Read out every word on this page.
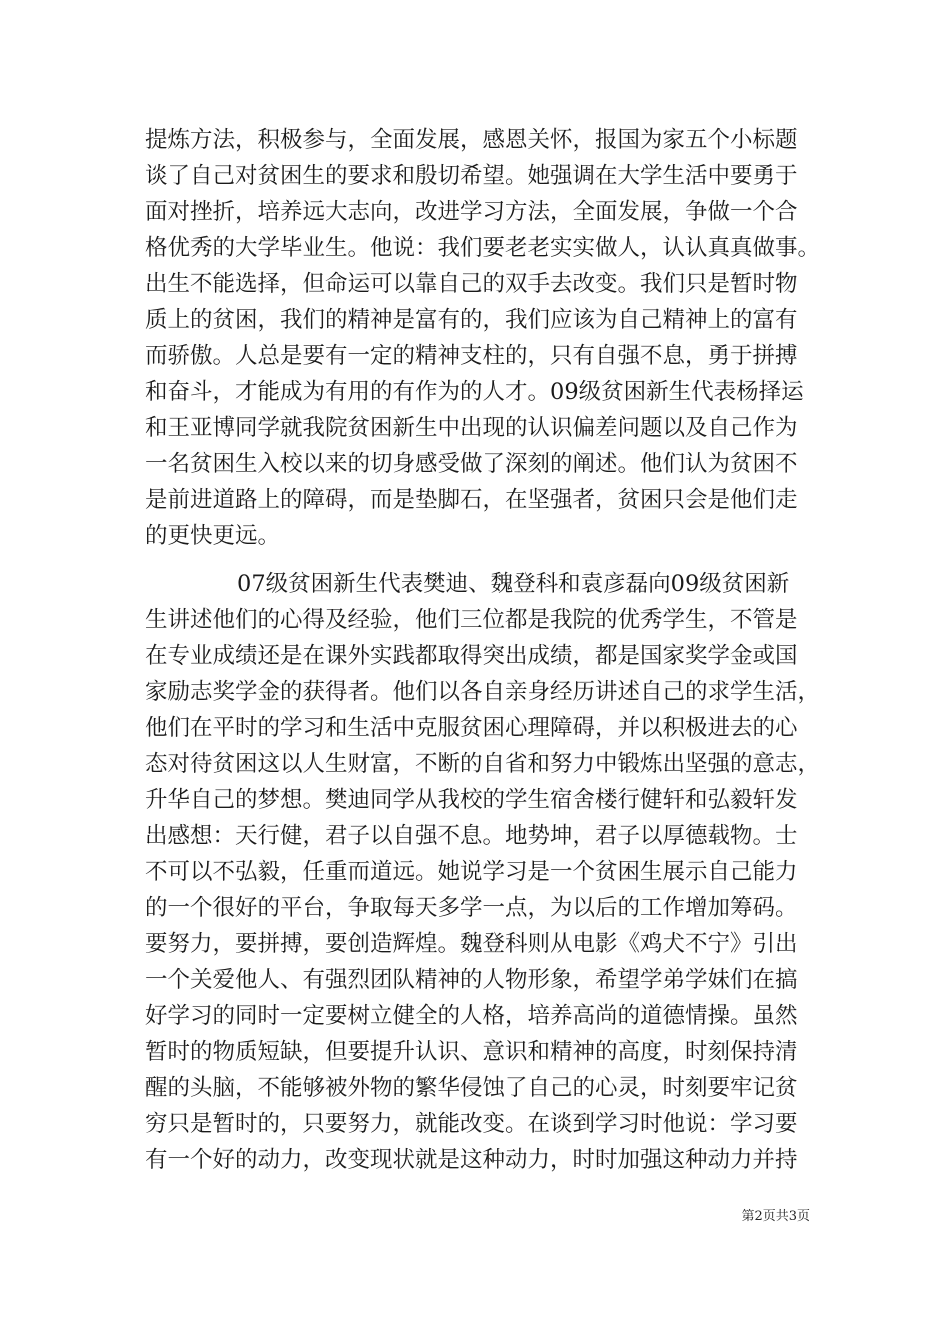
提炼方法，积极参与，全面发展，感恩关怀，报国为家五个小标题
谈了自己对贫困生的要求和殷切希望。她强调在大学生活中要勇于
面对挫折，培养远大志向，改进学习方法，全面发展，争做一个合
格优秀的大学毕业生。他说：我们要老老实实做人，认认真真做事。
出生不能选择，但命运可以靠自己的双手去改变。我们只是暂时物
质上的贫困，我们的精神是富有的，我们应该为自己精神上的富有
而骄傲。人总是要有一定的精神支柱的，只有自强不息，勇于拼搏
和奋斗，才能成为有用的有作为的人才。09级贫困新生代表杨择运
和王亚博同学就我院贫困新生中出现的认识偏差问题以及自己作为
一名贫困生入校以来的切身感受做了深刻的阐述。他们认为贫困不
是前进道路上的障碍，而是垫脚石，在坚强者，贫困只会是他们走
的更快更远。
07级贫困新生代表樊迪、魏登科和袁彦磊向09级贫困新
生讲述他们的心得及经验，他们三位都是我院的优秀学生，不管是
在专业成绩还是在课外实践都取得突出成绩，都是国家奖学金或国
家励志奖学金的获得者。他们以各自亲身经历讲述自己的求学生活，
他们在平时的学习和生活中克服贫困心理障碍，并以积极进去的心
态对待贫困这以人生财富，不断的自省和努力中锻炼出坚强的意志，
升华自己的梦想。樊迪同学从我校的学生宿舍楼行健轩和弘毅轩发
出感想：天行健，君子以自强不息。地势坤，君子以厚德载物。士
不可以不弘毅，任重而道远。她说学习是一个贫困生展示自己能力
的一个很好的平台，争取每天多学一点，为以后的工作增加筹码。
要努力，要拼搏，要创造辉煌。魏登科则从电影《鸡犬不宁》引出
一个关爱他人、有强烈团队精神的人物形象，希望学弟学妹们在搞
好学习的同时一定要树立健全的人格，培养高尚的道德情操。虽然
暂时的物质短缺，但要提升认识、意识和精神的高度，时刻保持清
醒的头脑，不能够被外物的繁华侵蚀了自己的心灵，时刻要牢记贫
穷只是暂时的，只要努力，就能改变。在谈到学习时他说：学习要
有一个好的动力，改变现状就是这种动力，时时加强这种动力并持
第2页共3页
